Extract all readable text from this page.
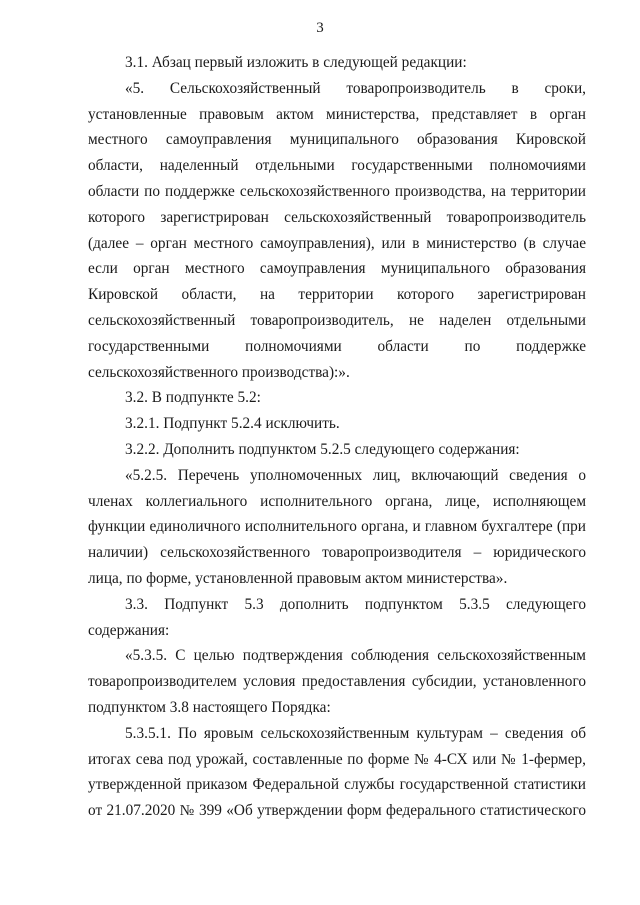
3

3.1. Абзац первый изложить в следующей редакции:

«5. Сельскохозяйственный товаропроизводитель в сроки, установленные правовым актом министерства, представляет в орган местного самоуправления муниципального образования Кировской области, наделенный отдельными государственными полномочиями области по поддержке сельскохозяйственного производства, на территории которого зарегистрирован сельскохозяйственный товаропроизводитель (далее – орган местного самоуправления), или в министерство (в случае если орган местного самоуправления муниципального образования Кировской области, на территории которого зарегистрирован сельскохозяйственный товаропроизводитель, не наделен отдельными государственными полномочиями области по поддержке сельскохозяйственного производства):».

3.2. В подпункте 5.2:

3.2.1. Подпункт 5.2.4 исключить.

3.2.2. Дополнить подпунктом 5.2.5 следующего содержания:

«5.2.5. Перечень уполномоченных лиц, включающий сведения о членах коллегиального исполнительного органа, лице, исполняющем функции единоличного исполнительного органа, и главном бухгалтере (при наличии) сельскохозяйственного товаропроизводителя – юридического лица, по форме, установленной правовым актом министерства».

3.3. Подпункт 5.3 дополнить подпунктом 5.3.5 следующего содержания:

«5.3.5. С целью подтверждения соблюдения сельскохозяйственным товаропроизводителем условия предоставления субсидии, установленного подпунктом 3.8 настоящего Порядка:

5.3.5.1. По яровым сельскохозяйственным культурам – сведения об итогах сева под урожай, составленные по форме № 4-СХ или № 1-фермер, утвержденной приказом Федеральной службы государственной статистики от 21.07.2020 № 399 «Об утверждении форм федерального статистического
